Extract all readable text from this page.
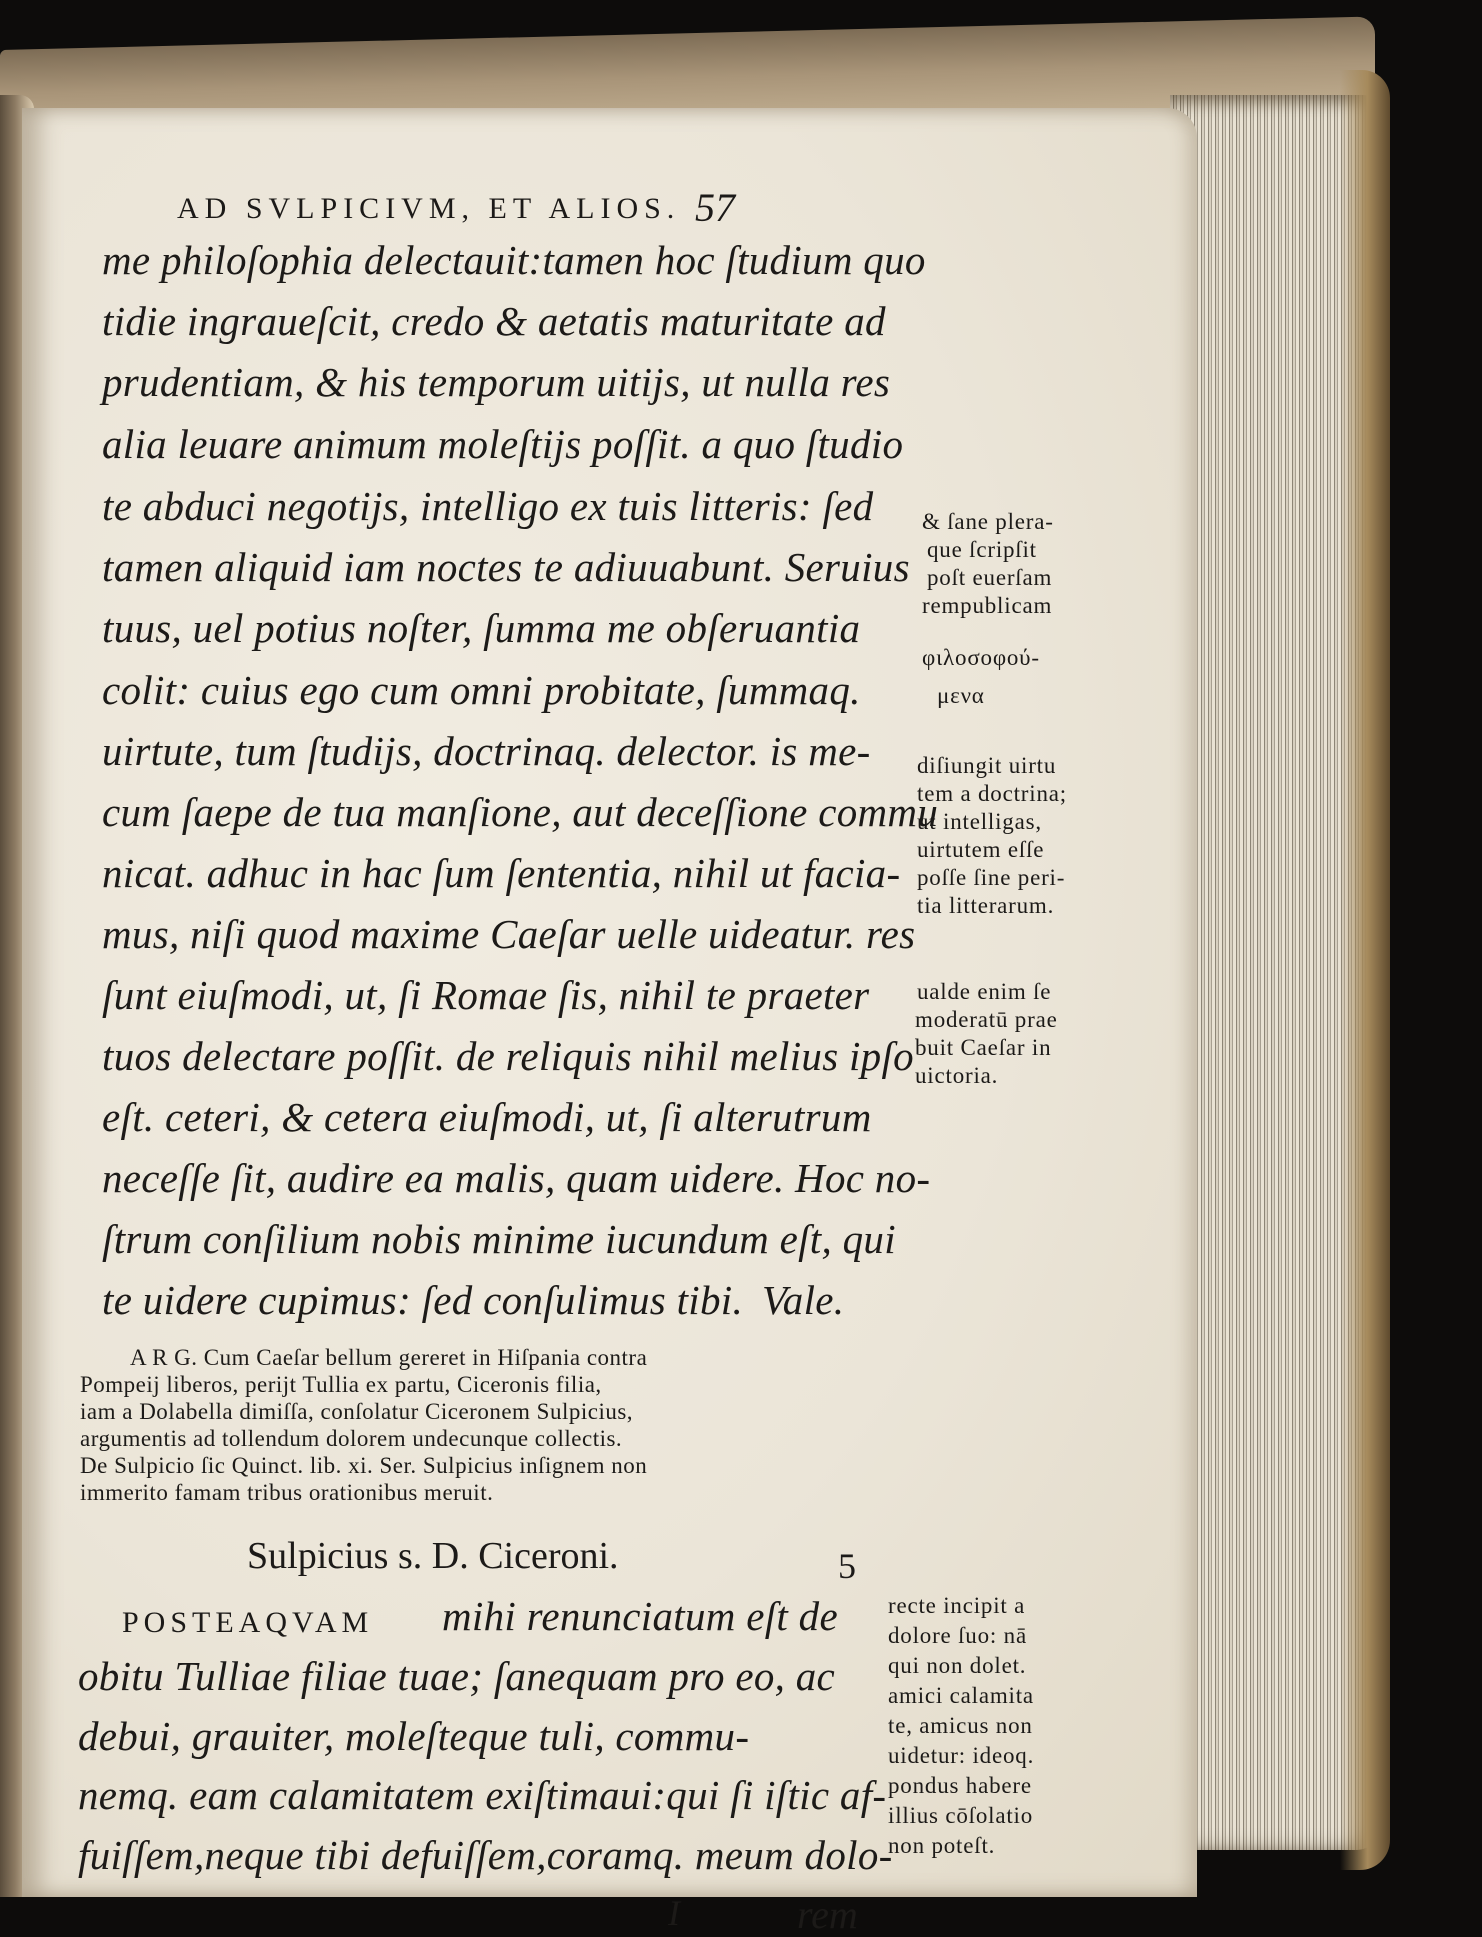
AD SVLPICIVM, ET ALIOS. 57
me philoſophia delectauit:tamen hoc ſtudium quo
tidie ingraueſcit, credo & aetatis maturitate ad
prudentiam, & his temporum uitijs, ut nulla res
alia leuare animum moleſtijs poſſit. a quo ſtudio
te abduci negotijs, intelligo ex tuis litteris: ſed
tamen aliquid iam noctes te adiuuabunt. Seruius
tuus, uel potius noſter, ſumma me obſeruantia
colit: cuius ego cum omni probitate, ſummaq.
uirtute, tum ſtudijs, doctrinaq. delector. is me-
cum ſaepe de tua manſione, aut deceſſione commu
nicat. adhuc in hac ſum ſententia, nihil ut facia-
mus, niſi quod maxime Caeſar uelle uideatur. res
ſunt eiuſmodi, ut, ſi Romae ſis, nihil te praeter
tuos delectare poſſit. de reliquis nihil melius ipſo
eſt. ceteri, & cetera eiuſmodi, ut, ſi alterutrum
neceſſe ſit, audire ea malis, quam uidere. Hoc no-
ſtrum conſilium nobis minime iucundum eſt, qui
te uidere cupimus: ſed conſulimus tibi. Vale.
& ſane plera-
que ſcripſit
poſt euerſam
rempublicam
φιλοσοφού-
μενα
diſiungit uirtu
tem a doctrina;
ut intelligas,
uirtutem eſſe
poſſe ſine peri-
tia litterarum.
ualde enim ſe
moderatū prae
buit Caeſar in
uictoria.
A R G. Cum Caeſar bellum gereret in Hiſpania contra
Pompeij liberos, perijt Tullia ex partu, Ciceronis filia,
iam a Dolabella dimiſſa, conſolatur Ciceronem Sulpicius,
argumentis ad tollendum dolorem undecunque collectis.
De Sulpicio ſic Quinct. lib. xi. Ser. Sulpicius inſignem non
immerito famam tribus orationibus meruit.
Sulpicius s. D. Ciceroni.	5
POSTEAQVAM mihi renunciatum eſt de
obitu Tulliae filiae tuae; ſanequam pro eo, ac
debui, grauiter, moleſteque tuli, commu-
nemq. eam calamitatem exiſtimaui:qui ſi iſtic af-
fuiſſem,neque tibi defuiſſem,coramq. meum dolo-
I	rem
recte incipit a
dolore ſuo: nā
qui non dolet.
amici calamita
te, amicus non
uidetur: ideoq.
pondus habere
illius cōſolatio
non poteſt.
